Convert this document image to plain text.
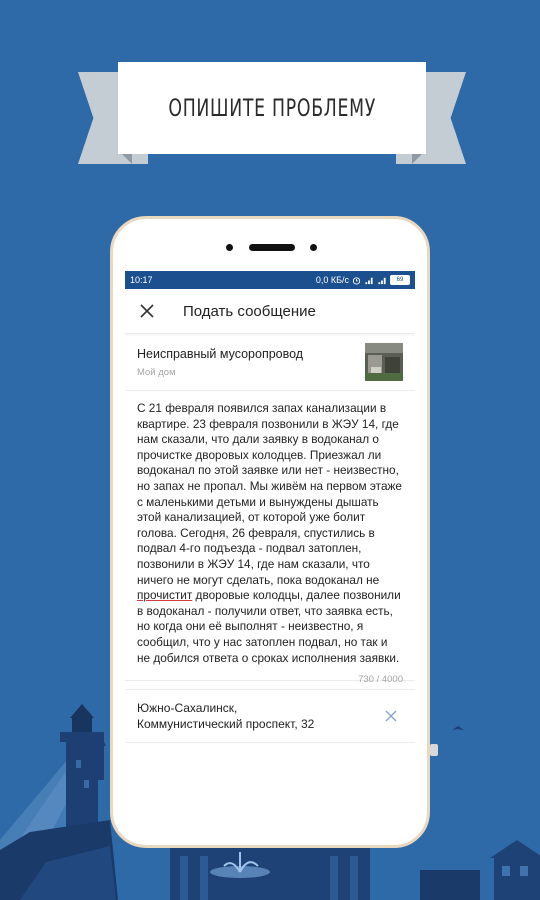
ОПИШИТЕ ПРОБЛЕМУ
10:17	0,0 КБ/с	69
Подать сообщение
Неисправный мусоропровод
Мой дом
С 21 февраля появился запах канализации в квартире. 23 февраля позвонили в ЖЭУ 14, где нам сказали, что дали заявку в водоканал о прочистке дворовых колодцев. Приезжал ли водоканал по этой заявке или нет - неизвестно, но запах не пропал. Мы живём на первом этаже с маленькими детьми и вынуждены дышать этой канализацией, от которой уже болит голова. Сегодня, 26 февраля, спустились в подвал 4-го подъезда - подвал затоплен, позвонили в ЖЭУ 14, где нам сказали, что ничего не могут сделать, пока водоканал не прочистит дворовые колодцы, далее позвонили в водоканал - получили ответ, что заявка есть, но когда они её выполнят - неизвестно, я сообщил, что у нас затоплен подвал, но так и не добился ответа о сроках исполнения заявки.
730 / 4000
Южно-Сахалинск,
Коммунистический проспект, 32
